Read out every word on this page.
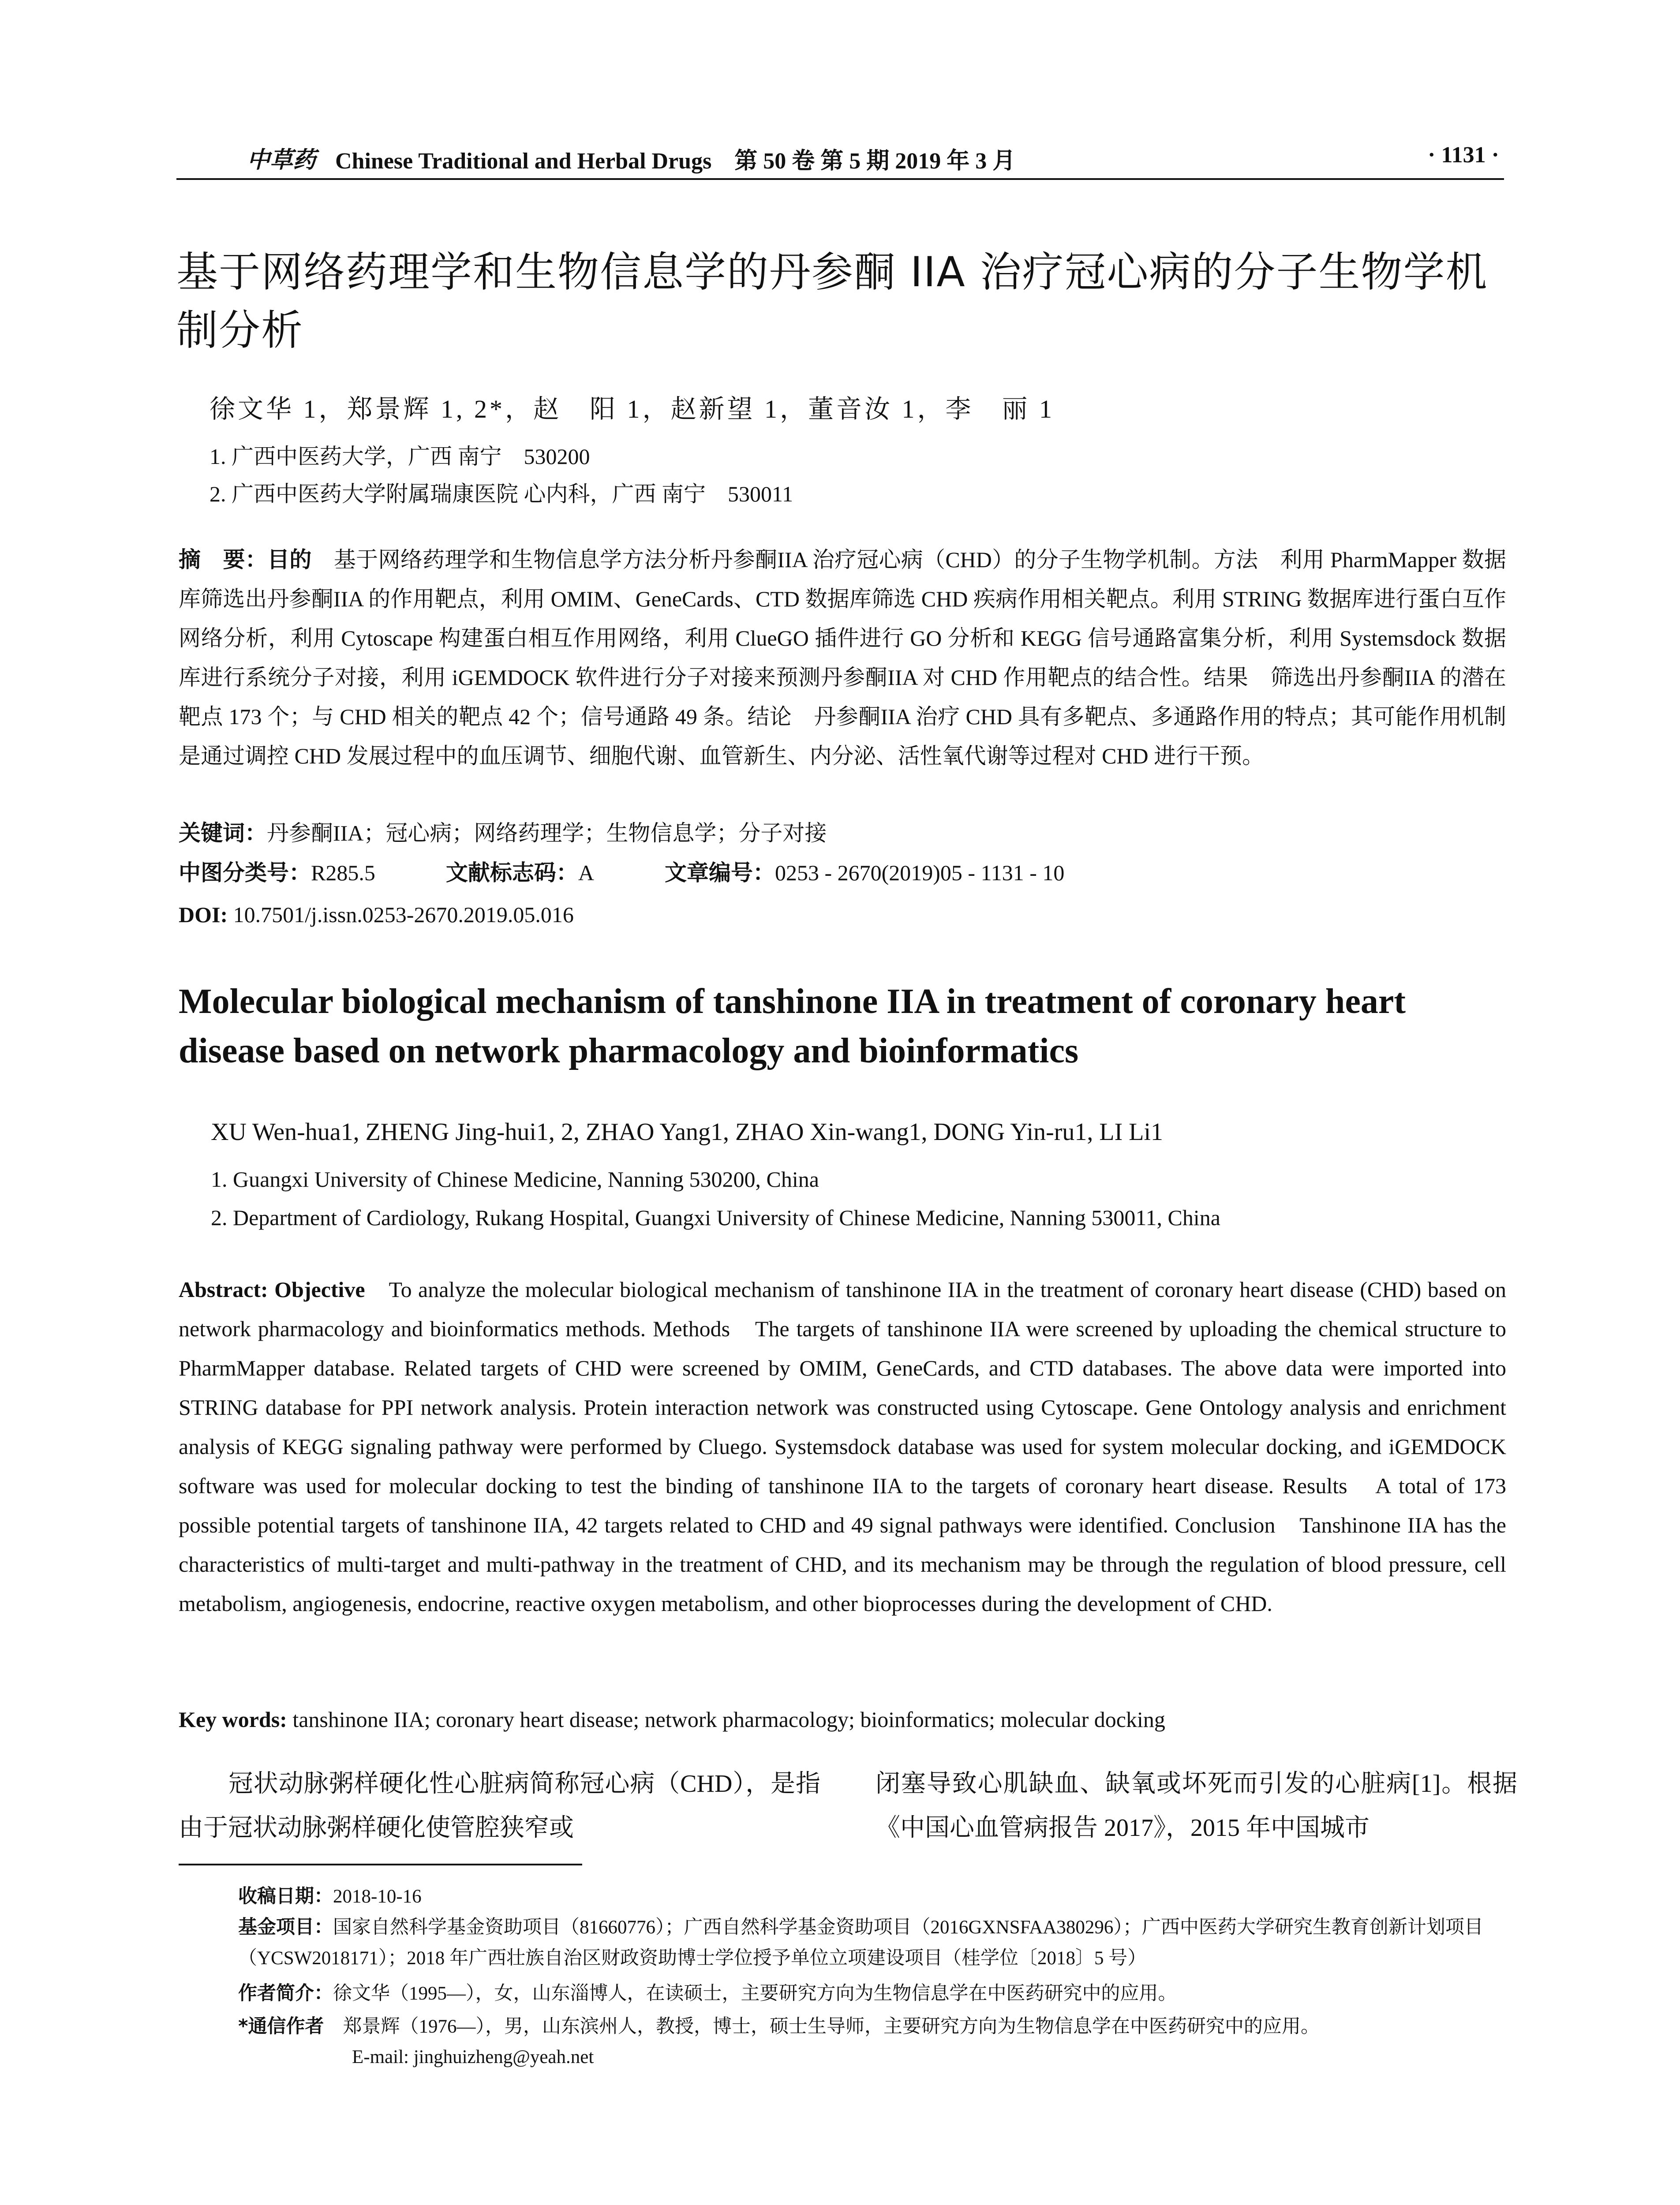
中草药 Chinese Traditional and Herbal Drugs　第 50 卷 第 5 期 2019 年 3 月	· 1131 ·
基于网络药理学和生物信息学的丹参酮 IIA 治疗冠心病的分子生物学机制分析
徐文华 1，郑景辉 1, 2*，赵　阳 1，赵新望 1，董音汝 1，李　丽 1
1. 广西中医药大学，广西 南宁　530200
2. 广西中医药大学附属瑞康医院 心内科，广西 南宁　530011
摘　要：目的　 基于网络药理学和生物信息学方法分析丹参酮IIA 治疗冠心病（CHD）的分子生物学机制。方法　利用 PharmMapper 数据库筛选出丹参酮IIA 的作用靶点，利用 OMIM、GeneCards、CTD 数据库筛选 CHD 疾病作用相关靶点。利用 STRING 数据库进行蛋白互作网络分析，利用 Cytoscape 构建蛋白相互作用网络，利用 ClueGO 插件进行 GO 分析和 KEGG 信号通路富集分析，利用 Systemsdock 数据库进行系统分子对接，利用 iGEMDOCK 软件进行分子对接来预测丹参酮IIA 对 CHD 作用靶点的结合性。结果　筛选出丹参酮IIA 的潜在靶点 173 个；与 CHD 相关的靶点 42 个；信号通路 49 条。结论　丹参酮IIA 治疗 CHD 具有多靶点、多通路作用的特点；其可能作用机制是通过调控 CHD 发展过程中的血压调节、细胞代谢、血管新生、内分泌、活性氧代谢等过程对 CHD 进行干预。
关键词：丹参酮IIA；冠心病；网络药理学；生物信息学；分子对接
中图分类号：R285.5	文献标志码：A	文章编号：0253 - 2670(2019)05 - 1131 - 10
DOI: 10.7501/j.issn.0253-2670.2019.05.016
Molecular biological mechanism of tanshinone IIA in treatment of coronary heart disease based on network pharmacology and bioinformatics
XU Wen-hua1, ZHENG Jing-hui1, 2, ZHAO Yang1, ZHAO Xin-wang1, DONG Yin-ru1, LI Li1
1. Guangxi University of Chinese Medicine, Nanning 530200, China
2. Department of Cardiology, Rukang Hospital, Guangxi University of Chinese Medicine, Nanning 530011, China
Abstract: Objective　 To analyze the molecular biological mechanism of tanshinone IIA in the treatment of coronary heart disease (CHD) based on network pharmacology and bioinformatics methods. Methods　The targets of tanshinone IIA were screened by uploading the chemical structure to PharmMapper database. Related targets of CHD were screened by OMIM, GeneCards, and CTD databases. The above data were imported into STRING database for PPI network analysis. Protein interaction network was constructed using Cytoscape. Gene Ontology analysis and enrichment analysis of KEGG signaling pathway were performed by Cluego. Systemsdock database was used for system molecular docking, and iGEMDOCK software was used for molecular docking to test the binding of tanshinone IIA to the targets of coronary heart disease. Results　A total of 173 possible potential targets of tanshinone IIA, 42 targets related to CHD and 49 signal pathways were identified. Conclusion　Tanshinone IIA has the characteristics of multi-target and multi-pathway in the treatment of CHD, and its mechanism may be through the regulation of blood pressure, cell metabolism, angiogenesis, endocrine, reactive oxygen metabolism, and other bioprocesses during the development of CHD.
Key words: tanshinone IIA; coronary heart disease; network pharmacology; bioinformatics; molecular docking
冠状动脉粥样硬化性心脏病简称冠心病（CHD），是指由于冠状动脉粥样硬化使管腔狭窄或
闭塞导致心肌缺血、缺氧或坏死而引发的心脏病[1]。根据《中国心血管病报告 2017》，2015 年中国城市
收稿日期：2018-10-16
基金项目：国家自然科学基金资助项目（81660776）；广西自然科学基金资助项目（2016GXNSFAA380296）；广西中医药大学研究生教育创新计划项目（YCSW2018171）；2018 年广西壮族自治区财政资助博士学位授予单位立项建设项目（桂学位〔2018〕5 号）
作者简介：徐文华（1995—），女，山东淄博人，在读硕士，主要研究方向为生物信息学在中医药研究中的应用。
*通信作者　 郑景辉（1976—），男，山东滨州人，教授，博士，硕士生导师，主要研究方向为生物信息学在中医药研究中的应用。
E-mail: jinghuizheng@yeah.net
